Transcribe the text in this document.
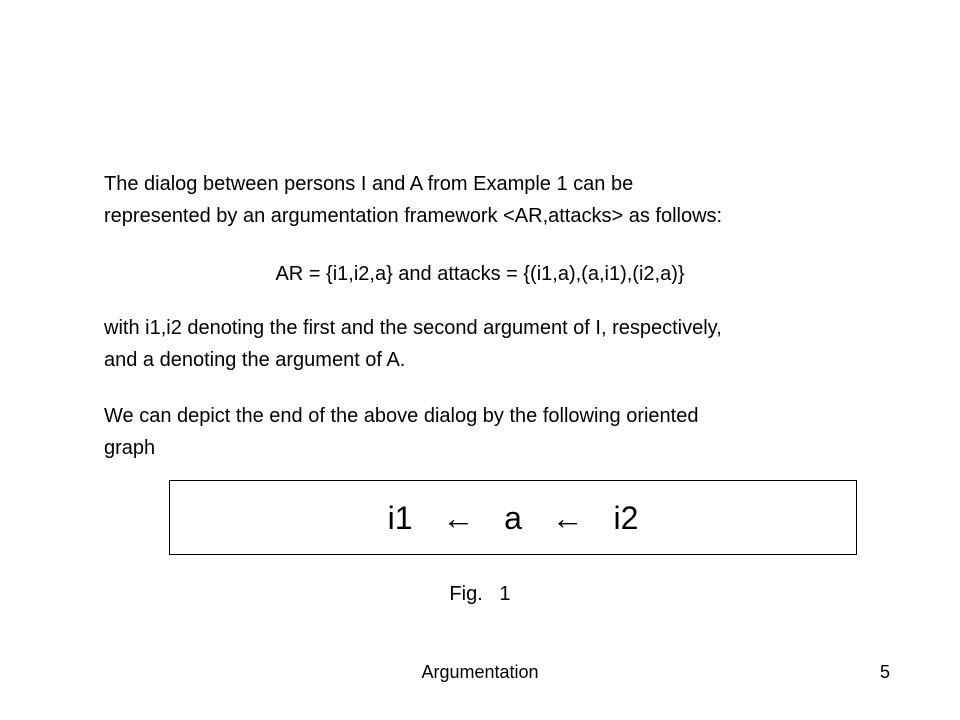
The dialog between persons I and A from Example 1 can be
represented by an argumentation framework <AR,attacks> as follows:

AR = {i1,i2,a} and attacks = {(i1,a),(a,i1),(i2,a)}

with i1,i2 denoting the first and the second argument of I, respectively,
and a denoting the argument of A.

We can depict the end of the above dialog by the following oriented
graph

i1  ←  a  ←  i2
Fig.   1
Argumentation	5
